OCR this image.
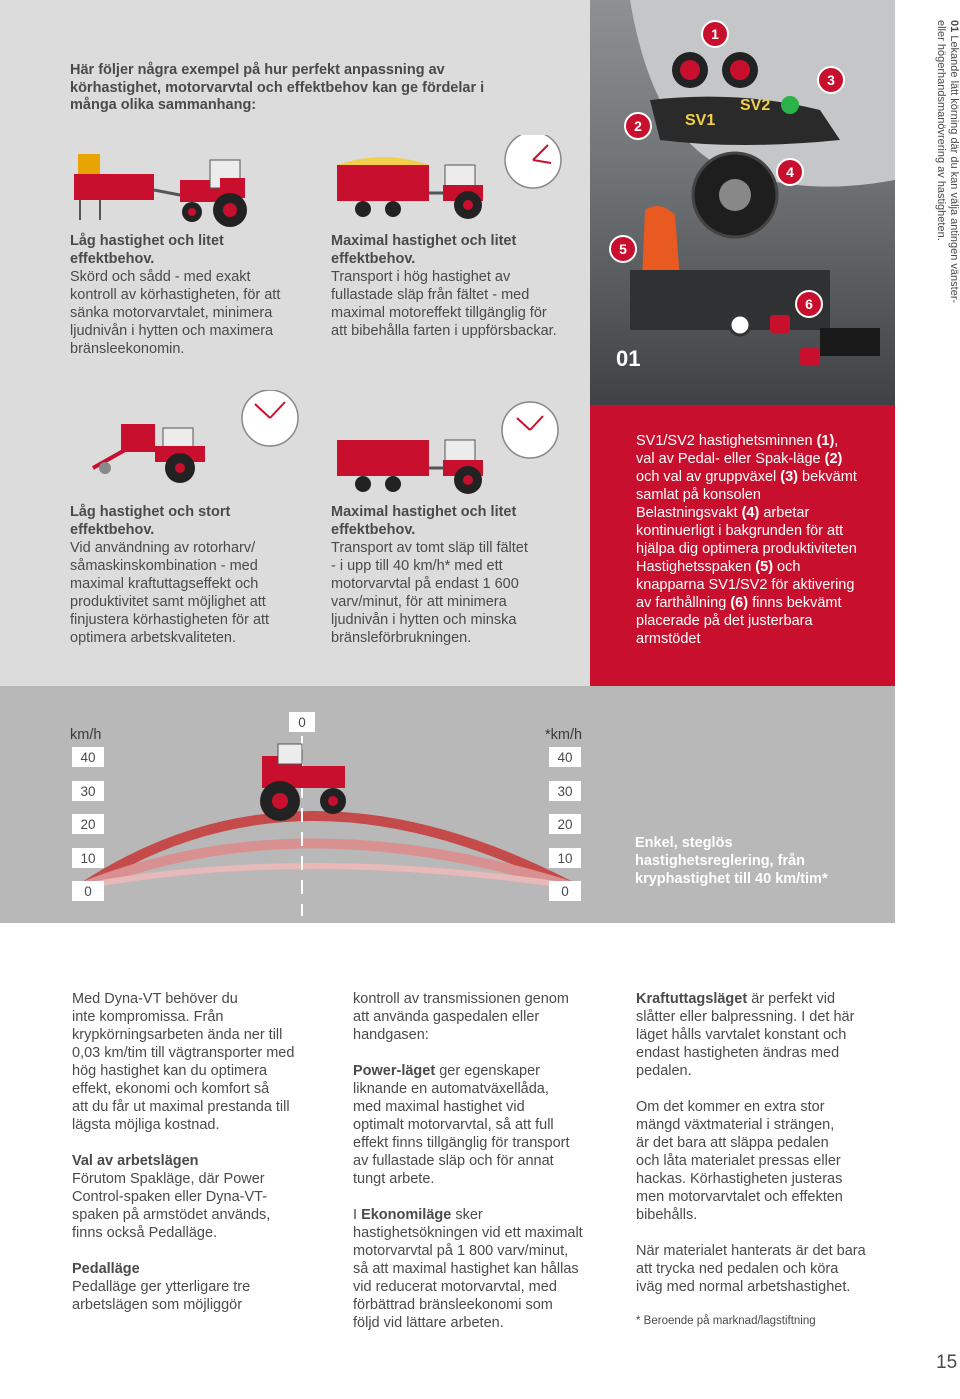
Här följer några exempel på hur perfekt anpassning av
körhastighet, motorvarvtal och effektbehov kan ge fördelar i
många olika sammanhang:
Låg hastighet och litet
effektbehov.
Skörd och sådd - med exakt
kontroll av körhastigheten, för att
sänka motorvarvtalet, minimera
ljudnivån i hytten och maximera
bränsleekonomin.
Maximal hastighet och litet
effektbehov.
Transport i hög hastighet av
fullastade släp från fältet - med
maximal motoreffekt tillgänglig för
att bibehålla farten i uppförsbackar.
Låg hastighet och stort
effektbehov.
Vid användning av rotorharv/
såmaskinskombination - med
maximal kraftuttagseffekt och
produktivitet samt möjlighet att
finjustera körhastigheten för att
optimera arbetskvaliteten.
Maximal hastighet och litet
effektbehov.
Transport av tomt släp till fältet
- i upp till 40 km/h* med ett
motorvarvtal på endast 1 600
varv/minut, för att minimera
ljudnivån i hytten och minska
bränsleförbrukningen.
SV1
SV2
1
2
3
4
5
6
01
01 Lekande lätt körning där du kan välja antingen vänster-
eller högerhandsmanövrering av hastigheten.
SV1/SV2 hastighetsminnen (1),
val av Pedal- eller Spak-läge (2)
och val av gruppväxel (3) bekvämt
samlat på konsolen
Belastningsvakt (4) arbetar
kontinuerligt i bakgrunden för att
hjälpa dig optimera produktiviteten
Hastighetsspaken (5) och
knapparna SV1/SV2 för aktivering
av farthållning (6) finns bekvämt
placerade på det justerbara
armstödet
km/h	*km/h
0
40
30
20
10
0
40
30
20
10
0
Enkel, steglös
hastighetsreglering, från
kryphastighet till 40 km/tim*

Med Dyna-VT behöver du
inte kompromissa. Från
krypkörningsarbeten ända ner till
0,03 km/tim till vägtransporter med
hög hastighet kan du optimera
effekt, ekonomi och komfort så
att du får ut maximal prestanda till
lägsta möjliga kostnad.

Val av arbetslägen
Förutom Spakläge, där Power
Control-spaken eller Dyna-VT-
spaken på armstödet används,
finns också Pedalläge.

Pedalläge
Pedalläge ger ytterligare tre
arbetslägen som möjliggör

kontroll av transmissionen genom
att använda gaspedalen eller
handgasen:

Power-läget ger egenskaper
liknande en automatväxellåda,
med maximal hastighet vid
optimalt motorvarvtal, så att full
effekt finns tillgänglig för transport
av fullastade släp och för annat
tungt arbete.

I Ekonomiläge sker
hastighetsökningen vid ett maximalt
motorvarvtal på 1 800 varv/minut,
så att maximal hastighet kan hållas
vid reducerat motorvarvtal, med
förbättrad bränsleekonomi som
följd vid lättare arbeten.

Kraftuttagsläget är perfekt vid
slåtter eller balpressning. I det här
läget hålls varvtalet konstant och
endast hastigheten ändras med
pedalen.

Om det kommer en extra stor
mängd växtmaterial i strängen,
är det bara att släppa pedalen
och låta materialet pressas eller
hackas. Körhastigheten justeras
men motorvarvtalet och effekten
bibehålls.

När materialet hanterats är det bara
att trycka ned pedalen och köra
iväg med normal arbetshastighet.

* Beroende på marknad/lagstiftning

15
